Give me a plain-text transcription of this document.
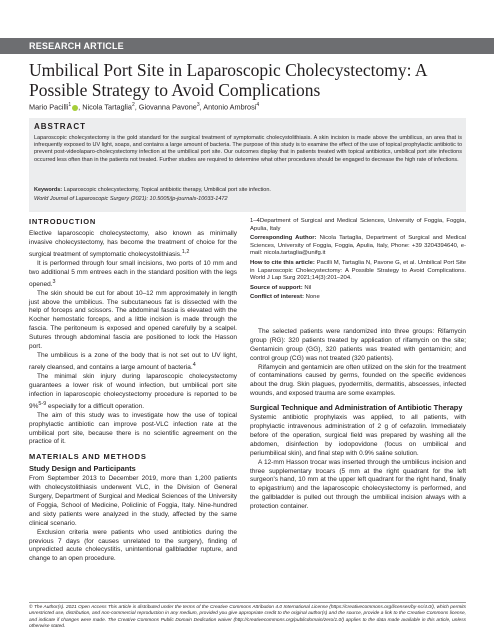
RESEARCH ARTICLE
Umbilical Port Site in Laparoscopic Cholecystectomy: A Possible Strategy to Avoid Complications
Mario Pacilli$^1$ , Nicola Tartaglia$^2$, Giovanna Pavone$^3$, Antonio Ambrosi$^4$
ABSTRACT
Laparoscopic cholecystectomy is the gold standard for the surgical treatment of symptomatic cholecystolithiasis. A skin incision is made above the umbilicus, an area that is infrequently exposed to UV light, soaps, and contains a large amount of bacteria. The purpose of this study is to examine the effect of the use of topical prophylactic antibiotic to prevent post-videolaparo-cholecystectomy infection at the umbilical port site. Our outcomes display that in patients treated with topical antibiotics, umbilical port site infections occurred less often than in the patients not treated. Further studies are required to determine what other procedures should be engaged to decrease the high rate of infections.
Keywords: Laparoscopic cholecystectomy, Topical antibiotic therapy, Umbilical port site infection.
World Journal of Laparoscopic Surgery (2021): 10.5005/jp-journals-10033-1472

INTRODUCTION

Elective laparoscopic cholecystectomy, also known as minimally invasive cholecystectomy, has become the treatment of choice for the surgical treatment of symptomatic cholecystolithiasis.$^{1,2}$

It is performed through four small incisions, two ports of 10 mm and two additional 5 mm entrees each in the standard position with the legs opened.$^3$

The skin should be cut for about 10–12 mm approximately in length just above the umbilicus. The subcutaneous fat is dissected with the help of forceps and scissors. The abdominal fascia is elevated with the Kocher hemostatic forceps, and a little incision is made through the fascia. The peritoneum is exposed and opened carefully by a scalpel. Sutures through abdominal fascia are positioned to lock the Hasson port.

The umbilicus is a zone of the body that is not set out to UV light, rarely cleansed, and contains a large amount of bacteria.$^4$

The minimal skin injury during laparoscopic cholecystectomy guarantees a lower risk of wound infection, but umbilical port site infection in laparoscopic cholecystectomy procedure is reported to be 9%$^{5-9}$ especially for a difficult operation.

The aim of this study was to investigate how the use of topical prophylactic antibiotic can improve post-VLC infection rate at the umbilical port site, because there is no scientific agreement on the practice of it.

MATERIALS AND METHODS

Study Design and Participants

From September 2013 to December 2019, more than 1,200 patients with cholecystolithiasis underwent VLC, in the Division of General Surgery, Department of Surgical and Medical Sciences of the University of Foggia, School of Medicine, Policlinic of Foggia, Italy. Nine-hundred and sixty patients were analyzed in the study, affected by the same clinical scenario.

Exclusion criteria were patients who used antibiotics during the previous 7 days (for causes unrelated to the surgery), finding of unpredicted acute cholecystitis, unintentional gallbladder rupture, and change to an open procedure.

1–4Department of Surgical and Medical Sciences, University of Foggia, Foggia, Apulia, Italy

Corresponding Author: Nicola Tartaglia, Department of Surgical and Medical Sciences, University of Foggia, Foggia, Apulia, Italy, Phone: +39 3204394640, e-mail: nicola.tartaglia@unifg.it

How to cite this article: Pacilli M, Tartaglia N, Pavone G, et al. Umbilical Port Site in Laparoscopic Cholecystectomy: A Possible Strategy to Avoid Complications. World J Lap Surg 2021;14(3):201–204.

Source of support: Nil

Conflict of interest: None

The selected patients were randomized into three groups: Rifamycin group (RG): 320 patients treated by application of rifamycin on the site; Gentamicin group (GG), 320 patients was treated with gentamicin; and control group (CG) was not treated (320 patients).

Rifamycin and gentamicin are often utilized on the skin for the treatment of contaminations caused by germs, founded on the specific evidences about the drug. Skin plagues, pyodermitis, dermatitis, abscesses, infected wounds, and exposed trauma are some examples.

Surgical Technique and Administration of Antibiotic Therapy

Systemic antibiotic prophylaxis was applied, to all patients, with prophylactic intravenous administration of 2 g of cefazolin. Immediately before of the operation, surgical field was prepared by washing all the abdomen, disinfection by iodopovidone (focus on umbilical and periumbilical skin), and final step with 0.9% saline solution.

A 12-mm Hasson trocar was inserted through the umbilicus incision and three supplementary trocars (5 mm at the right quadrant for the left surgeon's hand, 10 mm at the upper left quadrant for the right hand, finally to epigastrium) and the laparoscopic cholecystectomy is performed, and the gallbladder is pulled out through the umbilical incision always with a protection container.

© The Author(s). 2021 Open Access This article is distributed under the terms of the Creative Commons Attribution 4.0 International License (https://creativecommons.org/licenses/by-nc/4.0/), which permits unrestricted use, distribution, and non-commercial reproduction in any medium, provided you give appropriate credit to the original author(s) and the source, provide a link to the Creative Commons license, and indicate if changes were made. The Creative Commons Public Domain Dedication waiver (http://creativecommons.org/publicdomain/zero/1.0/) applies to the data made available in this article, unless otherwise stated.
